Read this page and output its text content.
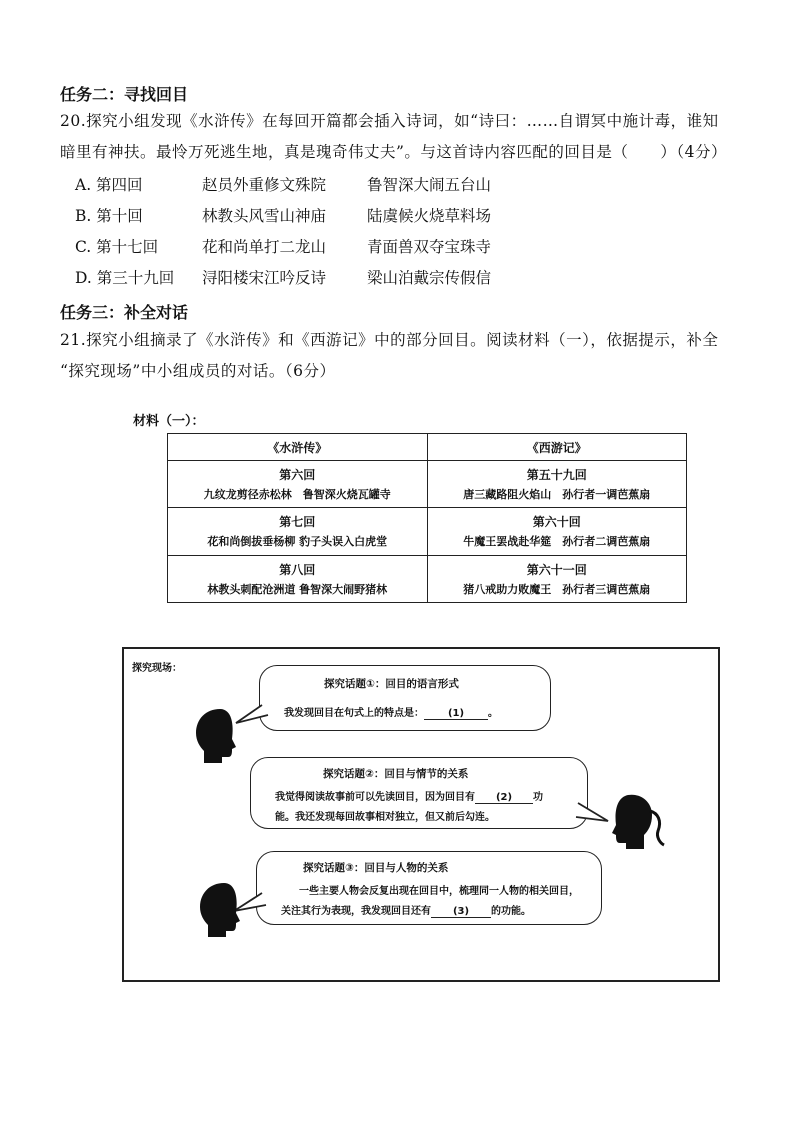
任务二：寻找回目
20.探究小组发现《水浒传》在每回开篇都会插入诗词，如“诗曰：……自谓冥中施计毒，谁知
暗里有神扶。最怜万死逃生地，真是瑰奇伟丈夫”。与这首诗内容匹配的回目是（　　）（4分）
A. 第四回	赵员外重修文殊院	鲁智深大闹五台山
B. 第十回	林教头风雪山神庙	陆虞候火烧草料场
C. 第十七回	花和尚单打二龙山	青面兽双夺宝珠寺
D. 第三十九回 浔阳楼宋江吟反诗	梁山泊戴宗传假信
任务三：补全对话
21.探究小组摘录了《水浒传》和《西游记》中的部分回目。阅读材料（一），依据提示，补全
“探究现场”中小组成员的对话。（6分）
材料（一）：
《水浒传》	《西游记》

第六回
九纹龙剪径赤松林　鲁智深火烧瓦罐寺	第五十九回
唐三藏路阻火焰山　孙行者一调芭蕉扇

第七回
花和尚倒拔垂杨柳 豹子头误入白虎堂	第六十回
牛魔王罢战赴华筵　孙行者二调芭蕉扇

第八回
林教头刺配沧洲道 鲁智深大闹野猪林	第六十一回
猪八戒助力败魔王　孙行者三调芭蕉扇
探究现场：
探究话题①：回目的语言形式
我发现回目在句式上的特点是： (1) 。
探究话题②：回目与情节的关系
我觉得阅读故事前可以先读回目，因为回目有 (2) 功
能。我还发现每回故事相对独立，但又前后勾连。
探究话题③：回目与人物的关系
一些主要人物会反复出现在回目中，梳理同一人物的相关回目，
关注其行为表现，我发现回目还有 (3) 的功能。
